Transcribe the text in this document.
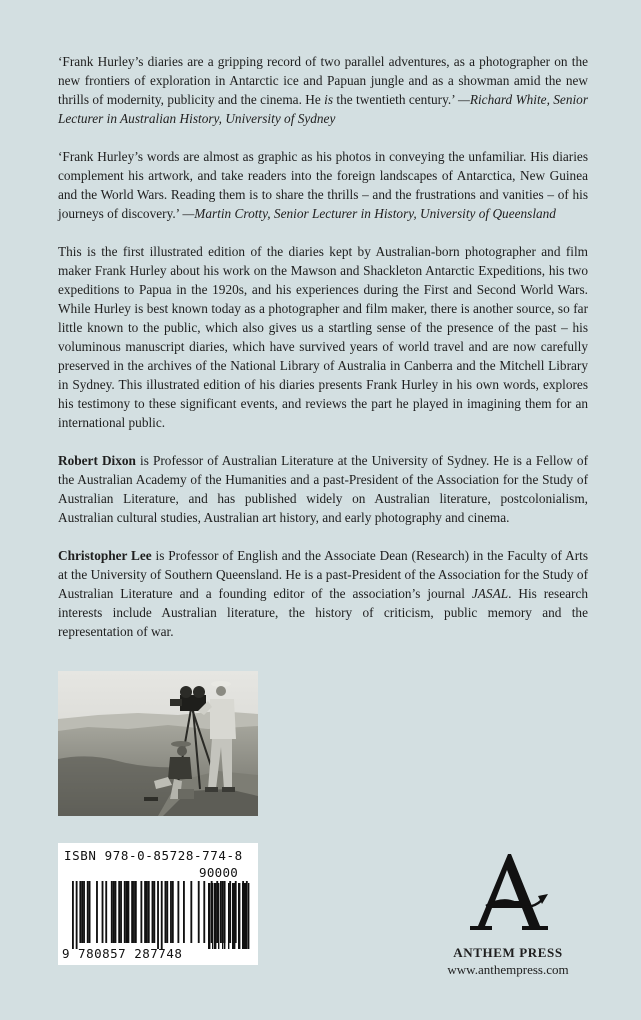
‘Frank Hurley’s diaries are a gripping record of two parallel adventures, as a photographer on the new frontiers of exploration in Antarctic ice and Papuan jungle and as a showman amid the new thrills of modernity, publicity and the cinema. He is the twentieth century.’ —Richard White, Senior Lecturer in Australian History, University of Sydney

‘Frank Hurley’s words are almost as graphic as his photos in conveying the unfamiliar. His diaries complement his artwork, and take readers into the foreign landscapes of Antarctica, New Guinea and the World Wars. Reading them is to share the thrills – and the frustrations and vanities – of his journeys of discovery.’ —Martin Crotty, Senior Lecturer in History, University of Queensland

This is the first illustrated edition of the diaries kept by Australian-born photographer and film maker Frank Hurley about his work on the Mawson and Shackleton Antarctic Expeditions, his two expeditions to Papua in the 1920s, and his experiences during the First and Second World Wars. While Hurley is best known today as a photographer and film maker, there is another source, so far little known to the public, which also gives us a startling sense of the presence of the past – his voluminous manuscript diaries, which have survived years of world travel and are now carefully preserved in the archives of the National Library of Australia in Canberra and the Mitchell Library in Sydney. This illustrated edition of his diaries presents Frank Hurley in his own words, explores his testimony to these significant events, and reviews the part he played in imagining them for an international public.

Robert Dixon is Professor of Australian Literature at the University of Sydney. He is a Fellow of the Australian Academy of the Humanities and a past-President of the Association for the Study of Australian Literature, and has published widely on Australian literature, postcolonialism, Australian cultural studies, Australian art history, and early photography and cinema.

Christopher Lee is Professor of English and the Associate Dean (Research) in the Faculty of Arts at the University of Southern Queensland. He is a past-President of the Association for the Study of Australian Literature and a founding editor of the association’s journal JASAL. His research interests include Australian literature, the history of criticism, public memory and the representation of war.

ISBN 978-0-85728-774-8
90000
9 780857 287748	ANTHEM PRESS
www.anthempress.com
